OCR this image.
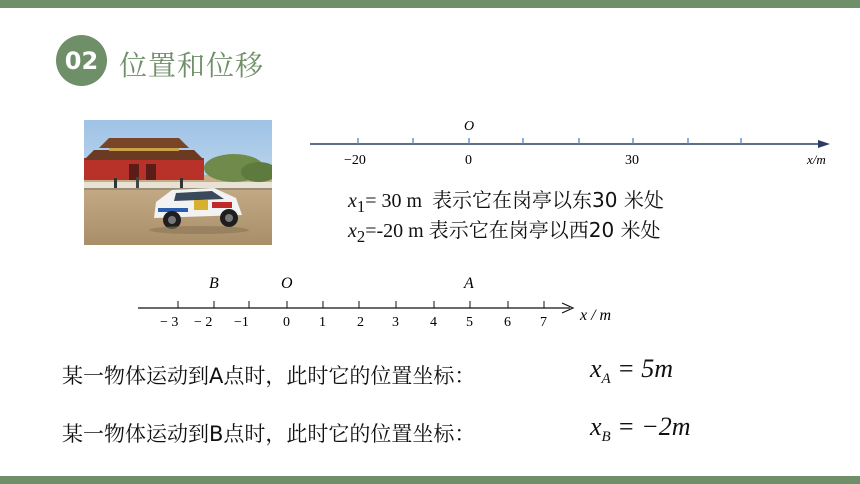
02 位置和位移
O
−20	0	30	x/m
$x_1= 30$ m 表示它在岗亭以东30 米处
$x_2=-20$ m 表示它在岗亭以西20 米处
B	O	A
− 3 − 2 −1 0 1 2 3 4 5 6 7 x / m
某一物体运动到A点时，此时它的位置坐标：	$x_A = 5m$
某一物体运动到B点时，此时它的位置坐标：	$x_B = -2m$
